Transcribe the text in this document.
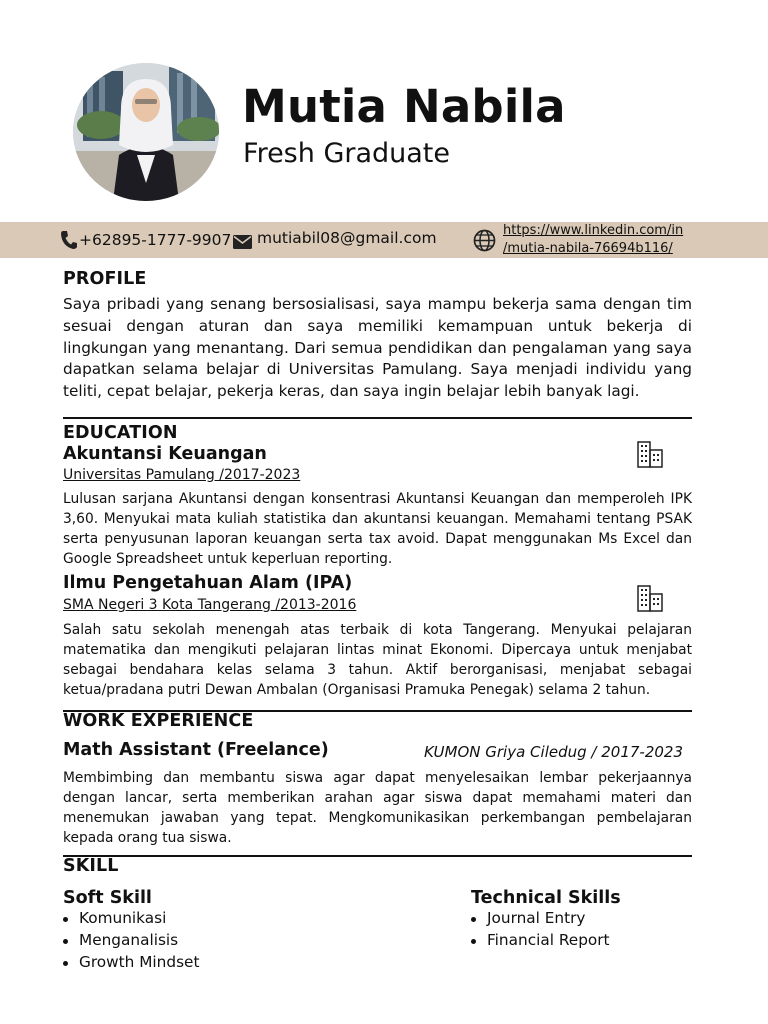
Mutia Nabila
Fresh Graduate
+62895-1777-9907 mutiabil08@gmail.com	https://www.linkedin.com/in
/mutia-nabila-76694b116/
PROFILE

Saya pribadi yang senang bersosialisasi, saya mampu bekerja sama dengan tim sesuai dengan aturan dan saya memiliki kemampuan untuk bekerja di lingkungan yang menantang. Dari semua pendidikan dan pengalaman yang saya dapatkan selama belajar di Universitas Pamulang. Saya menjadi individu yang teliti, cepat belajar, pekerja keras, dan saya ingin belajar lebih banyak lagi.

EDUCATION
Akuntansi Keuangan
Universitas Pamulang /2017-2023

Lulusan sarjana Akuntansi dengan konsentrasi Akuntansi Keuangan dan memperoleh IPK 3,60. Menyukai mata kuliah statistika dan akuntansi keuangan. Memahami tentang PSAK serta penyusunan laporan keuangan serta tax avoid. Dapat menggunakan Ms Excel dan Google Spreadsheet untuk keperluan reporting.

Ilmu Pengetahuan Alam (IPA)
SMA Negeri 3 Kota Tangerang /2013-2016

Salah satu sekolah menengah atas terbaik di kota Tangerang. Menyukai pelajaran matematika dan mengikuti pelajaran lintas minat Ekonomi. Dipercaya untuk menjabat sebagai bendahara kelas selama 3 tahun. Aktif berorganisasi, menjabat sebagai ketua/pradana putri Dewan Ambalan (Organisasi Pramuka Penegak) selama 2 tahun.

WORK EXPERIENCE
Math Assistant (Freelance)	KUMON Griya Ciledug / 2017-2023

Membimbing dan membantu siswa agar dapat menyelesaikan lembar pekerjaannya dengan lancar, serta memberikan arahan agar siswa dapat memahami materi dan menemukan jawaban yang tepat. Mengkomunikasikan perkembangan pembelajaran kepada orang tua siswa.

SKILL
Soft Skill
Komunikasi
Menganalisis
Growth Mindset
Technical Skills
Journal Entry
Financial Report
